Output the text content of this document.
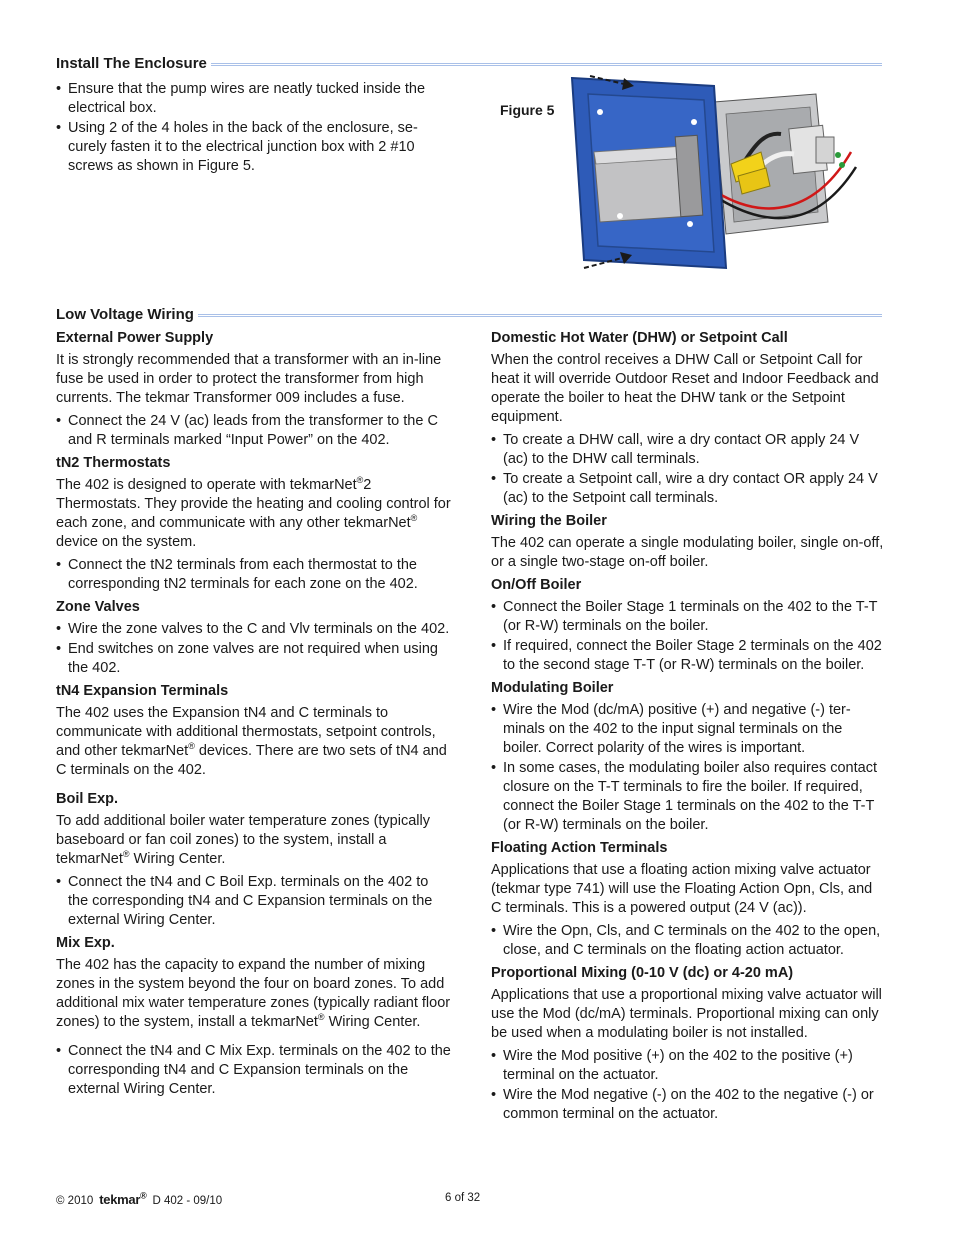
Install The Enclosure
• Ensure that the pump wires are neatly tucked inside the electrical box.
• Using 2 of the 4 holes in the back of the enclosure, se- curely fasten it to the electrical junction box with 2 #10 screws as shown in Figure 5.
Figure 5
Low Voltage Wiring
External Power Supply

It is strongly recommended that a transformer with an in-line fuse be used in order to protect the transformer from high currents. The tekmar Transformer 009 includes a fuse.

• Connect the 24 V (ac) leads from the transformer to the C and R terminals marked “Input Power” on the 402.
tN2 Thermostats

The 402 is designed to operate with tekmarNet®2 Thermostats. They provide the heating and cooling control for each zone, and communicate with any other tekmarNet® device on the system.

• Connect the tN2 terminals from each thermostat to the corresponding tN2 terminals for each zone on the 402.
Zone Valves
• Wire the zone valves to the C and Vlv terminals on the 402.
• End switches on zone valves are not required when using the 402.
tN4 Expansion Terminals

The 402 uses the Expansion tN4 and C terminals to communicate with additional thermostats, setpoint controls, and other tekmarNet® devices. There are two sets of tN4 and C terminals on the 402.

Boil Exp.

To add additional boiler water temperature zones (typically baseboard or fan coil zones) to the system, install a tekmarNet® Wiring Center.

• Connect the tN4 and C Boil Exp. terminals on the 402 to the corresponding tN4 and C Expansion terminals on the external Wiring Center.
Mix Exp.

The 402 has the capacity to expand the number of mixing zones in the system beyond the four on board zones. To add additional mix water temperature zones (typically radiant floor zones) to the system, install a tekmarNet® Wiring Center.

• Connect the tN4 and C Mix Exp. terminals on the 402 to the corresponding tN4 and C Expansion terminals on the external Wiring Center.
Domestic Hot Water (DHW) or Setpoint Call

When the control receives a DHW Call or Setpoint Call for heat it will override Outdoor Reset and Indoor Feedback and operate the boiler to heat the DHW tank or the Setpoint equipment.

• To create a DHW call, wire a dry contact OR apply 24 V (ac) to the DHW call terminals.
• To create a Setpoint call, wire a dry contact OR apply 24 V (ac) to the Setpoint call terminals.
Wiring the Boiler

The 402 can operate a single modulating boiler, single on-off, or a single two-stage on-off boiler.

On/Off Boiler
• Connect the Boiler Stage 1 terminals on the 402 to the T-T (or R-W) terminals on the boiler.
• If required, connect the Boiler Stage 2 terminals on the 402 to the second stage T-T (or R-W) terminals on the boiler.
Modulating Boiler
• Wire the Mod (dc/mA) positive (+) and negative (-) ter- minals on the 402 to the input signal terminals on the boiler. Correct polarity of the wires is important.
• In some cases, the modulating boiler also requires contact closure on the T-T terminals to fire the boiler. If required, connect the Boiler Stage 1 terminals on the 402 to the T-T (or R-W) terminals on the boiler.
Floating Action Terminals

Applications that use a floating action mixing valve actuator (tekmar type 741) will use the Floating Action Opn, Cls, and C terminals. This is a powered output (24 V (ac)).

• Wire the Opn, Cls, and C terminals on the 402 to the open, close, and C terminals on the floating action actuator.
Proportional Mixing (0-10 V (dc) or 4-20 mA)

Applications that use a proportional mixing valve actuator will use the Mod (dc/mA) terminals. Proportional mixing can only be used when a modulating boiler is not installed.

• Wire the Mod positive (+) on the 402 to the positive (+) terminal on the actuator.
• Wire the Mod negative (-) on the 402 to the negative (-) or common terminal on the actuator.
© 2010 tekmar® D 402 - 09/10	6 of 32
